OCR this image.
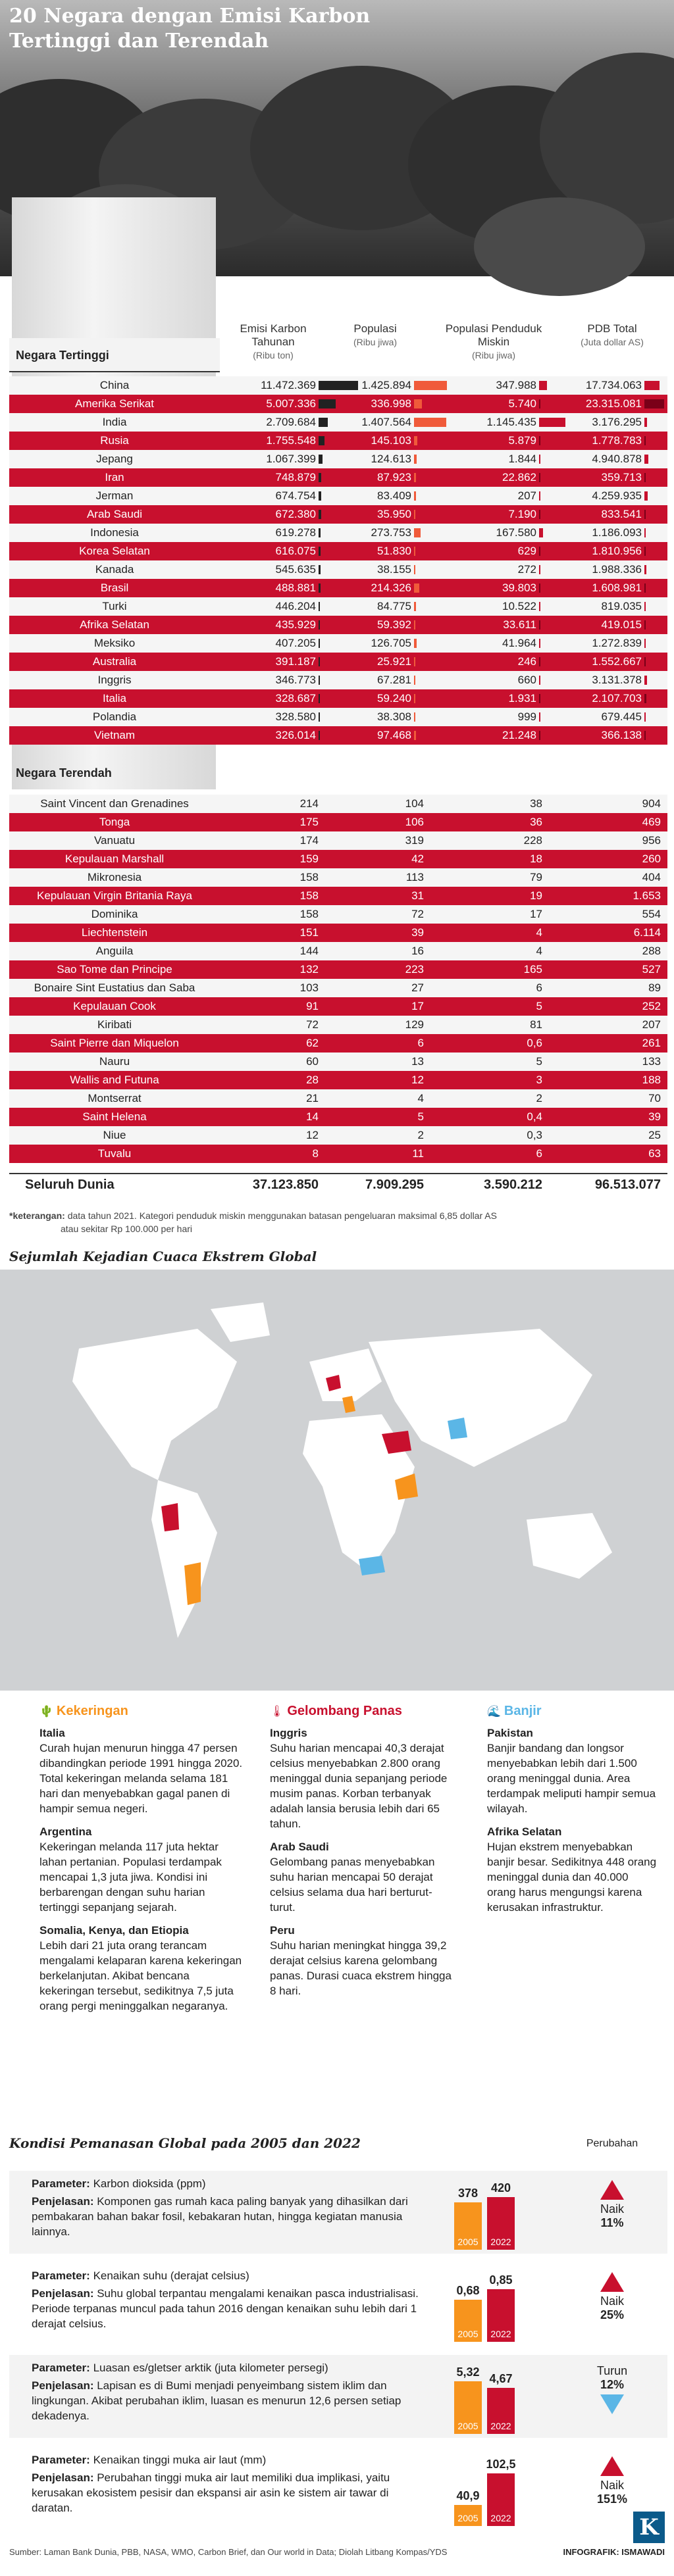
20 Negara dengan Emisi Karbon Tertinggi dan Terendah
Emisi Karbon Tahunan
(Ribu ton)
Populasi
(Ribu jiwa)
Populasi Penduduk Miskin
(Ribu jiwa)
PDB Total
(Juta dollar AS)
Negara Tertinggi
China	11.472.369	1.425.894	347.988	17.734.063
Amerika Serikat	5.007.336	336.998	5.740	23.315.081
India	2.709.684	1.407.564	1.145.435	3.176.295
Rusia	1.755.548	145.103	5.879	1.778.783
Jepang	1.067.399	124.613	1.844	4.940.878
Iran	748.879	87.923	22.862	359.713
Jerman	674.754	83.409	207	4.259.935
Arab Saudi	672.380	35.950	7.190	833.541
Indonesia	619.278	273.753	167.580	1.186.093
Korea Selatan	616.075	51.830	629	1.810.956
Kanada	545.635	38.155	272	1.988.336
Brasil	488.881	214.326	39.803	1.608.981
Turki	446.204	84.775	10.522	819.035
Afrika Selatan	435.929	59.392	33.611	419.015
Meksiko	407.205	126.705	41.964	1.272.839
Australia	391.187	25.921	246	1.552.667
Inggris	346.773	67.281	660	3.131.378
Italia	328.687	59.240	1.931	2.107.703
Polandia	328.580	38.308	999	679.445
Vietnam	326.014	97.468	21.248	366.138
Negara Terendah
Saint Vincent dan Grenadines	214	104	38	904
Tonga	175	106	36	469
Vanuatu	174	319	228	956
Kepulauan Marshall	159	42	18	260
Mikronesia	158	113	79	404
Kepulauan Virgin Britania Raya	158	31	19	1.653
Dominika	158	72	17	554
Liechtenstein	151	39	4	6.114
Anguila	144	16	4	288
Sao Tome dan Principe	132	223	165	527
Bonaire Sint Eustatius dan Saba	103	27	6	89
Kepulauan Cook	91	17	5	252
Kiribati	72	129	81	207
Saint Pierre dan Miquelon	62	6	0,6	261
Nauru	60	13	5	133
Wallis and Futuna	28	12	3	188
Montserrat	21	4	2	70
Saint Helena	14	5	0,4	39
Niue	12	2	0,3	25
Tuvalu	8	11	6	63
Seluruh Dunia	37.123.850	7.909.295	3.590.212	96.513.077
*keterangan: data tahun 2021. Kategori penduduk miskin menggunakan batasan pengeluaran maksimal 6,85 dollar AS
atau sekitar Rp 100.000 per hari
Sejumlah Kejadian Cuaca Ekstrem Global
🌵 Kekeringan
Italia
Curah hujan menurun hingga 47 persen dibandingkan periode 1991 hingga 2020. Total kekeringan melanda selama 181 hari dan menyebabkan gagal panen di hampir semua negeri.
Argentina
Kekeringan melanda 117 juta hektar lahan pertanian. Populasi terdampak mencapai 1,3 juta jiwa. Kondisi ini berbarengan dengan suhu harian tertinggi sepanjang sejarah.
Somalia, Kenya, dan Etiopia
Lebih dari 21 juta orang terancam mengalami kelaparan karena kekeringan berkelanjutan. Akibat bencana kekeringan tersebut, sedikitnya 7,5 juta orang pergi meninggalkan negaranya.
🌡 Gelombang Panas
Inggris
Suhu harian mencapai 40,3 derajat celsius menyebabkan 2.800 orang meninggal dunia sepanjang periode musim panas. Korban terbanyak adalah lansia berusia lebih dari 65 tahun.
Arab Saudi
Gelombang panas menyebabkan suhu harian mencapai 50 derajat celsius selama dua hari berturut-turut.
Peru
Suhu harian meningkat hingga 39,2 derajat celsius karena gelombang panas. Durasi cuaca ekstrem hingga 8 hari.
🌊 Banjir
Pakistan
Banjir bandang dan longsor menyebabkan lebih dari 1.500 orang meninggal dunia. Area terdampak meliputi hampir semua wilayah.
Afrika Selatan
Hujan ekstrem menyebabkan banjir besar. Sedikitnya 448 orang meninggal dunia dan 40.000 orang harus mengungsi karena kerusakan infrastruktur.
Kondisi Pemanasan Global pada 2005 dan 2022	Perubahan
Parameter: Karbon dioksida (ppm)
Penjelasan: Komponen gas rumah kaca paling banyak yang dihasilkan dari pembakaran bahan bakar fosil, kebakaran hutan, hingga kegiatan manusia lainnya.
378
2005
420
2022
Naik
11%
Parameter: Kenaikan suhu (derajat celsius)
Penjelasan: Suhu global terpantau mengalami kenaikan pasca industrialisasi. Periode terpanas muncul pada tahun 2016 dengan kenaikan suhu lebih dari 1 derajat celsius.
0,68
2005
0,85
2022
Naik
25%
Parameter: Luasan es/gletser arktik (juta kilometer persegi)
Penjelasan: Lapisan es di Bumi menjadi penyeimbang sistem iklim dan lingkungan. Akibat perubahan iklim, luasan es menurun 12,6 persen setiap dekadenya.
5,32
2005
4,67
2022
Turun
12%
Parameter: Kenaikan tinggi muka air laut (mm)
Penjelasan: Perubahan tinggi muka air laut memiliki dua implikasi, yaitu kerusakan ekosistem pesisir dan ekspansi air asin ke sistem air tawar di daratan.
40,9
2005
102,5
2022
Naik
151%
Sumber: Laman Bank Dunia, PBB, NASA, WMO, Carbon Brief, dan Our world in Data; Diolah Litbang Kompas/YDS	INFOGRAFIK: ISMAWADI
K
